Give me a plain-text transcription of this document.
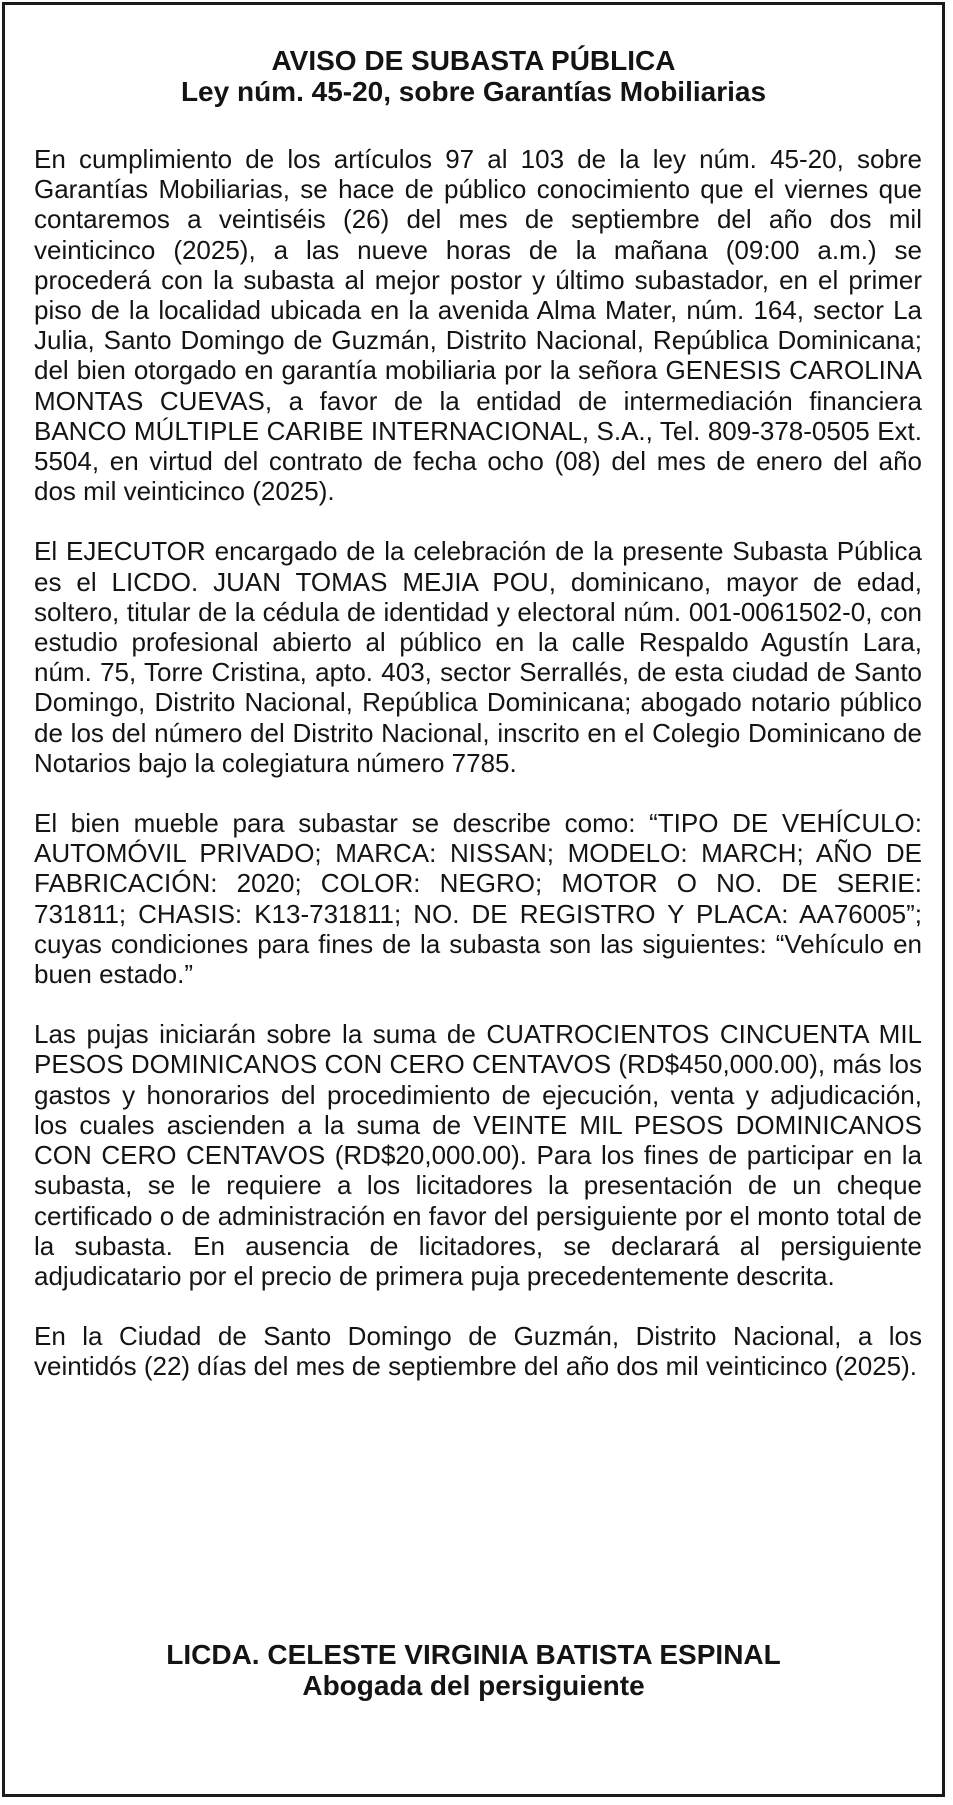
AVISO DE SUBASTA PÚBLICA
Ley núm. 45-20, sobre Garantías Mobiliarias

En cumplimiento de los artículos 97 al 103 de la ley núm. 45-20, sobre Garantías Mobiliarias, se hace de público conocimiento que el viernes que contaremos a veintiséis (26) del mes de septiembre del año dos mil veinticinco (2025), a las nueve horas de la mañana (09:00 a.m.) se procederá con la subasta al mejor postor y último subastador, en el primer piso de la localidad ubicada en la avenida Alma Mater, núm. 164, sector La Julia, Santo Domingo de Guzmán, Distrito Nacional, República Dominicana; del bien otorgado en garantía mobiliaria por la señora GENESIS CAROLINA MONTAS CUEVAS, a favor de la entidad de intermediación financiera BANCO MÚLTIPLE CARIBE INTERNACIONAL, S.A., Tel. 809-378-0505 Ext. 5504, en virtud del contrato de fecha ocho (08) del mes de enero del año dos mil veinticinco (2025).

El EJECUTOR encargado de la celebración de la presente Subasta Pública es el LICDO. JUAN TOMAS MEJIA POU, dominicano, mayor de edad, soltero, titular de la cédula de identidad y electoral núm. 001-0061502-0, con estudio profesional abierto al público en la calle Respaldo Agustín Lara, núm. 75, Torre Cristina, apto. 403, sector Serrallés, de esta ciudad de Santo Domingo, Distrito Nacional, República Dominicana; abogado notario público de los del número del Distrito Nacional, inscrito en el Colegio Dominicano de Notarios bajo la colegiatura número 7785.

El bien mueble para subastar se describe como: “TIPO DE VEHÍCULO: AUTOMÓVIL PRIVADO; MARCA: NISSAN; MODELO: MARCH; AÑO DE FABRICACIÓN: 2020; COLOR: NEGRO; MOTOR O NO. DE SERIE: 731811; CHASIS: K13-731811; NO. DE REGISTRO Y PLACA: AA76005”; cuyas condiciones para fines de la subasta son las siguientes: “Vehículo en buen estado.”

Las pujas iniciarán sobre la suma de CUATROCIENTOS CINCUENTA MIL PESOS DOMINICANOS CON CERO CENTAVOS (RD$450,000.00), más los gastos y honorarios del procedimiento de ejecución, venta y adjudicación, los cuales ascienden a la suma de VEINTE MIL PESOS DOMINICANOS CON CERO CENTAVOS (RD$20,000.00). Para los fines de participar en la subasta, se le requiere a los licitadores la presentación de un cheque certificado o de administración en favor del persiguiente por el monto total de la subasta. En ausencia de licitadores, se declarará al persiguiente adjudicatario por el precio de primera puja precedentemente descrita.

En la Ciudad de Santo Domingo de Guzmán, Distrito Nacional, a los veintidós (22) días del mes de septiembre del año dos mil veinticinco (2025).

LICDA. CELESTE VIRGINIA BATISTA ESPINAL
Abogada del persiguiente
